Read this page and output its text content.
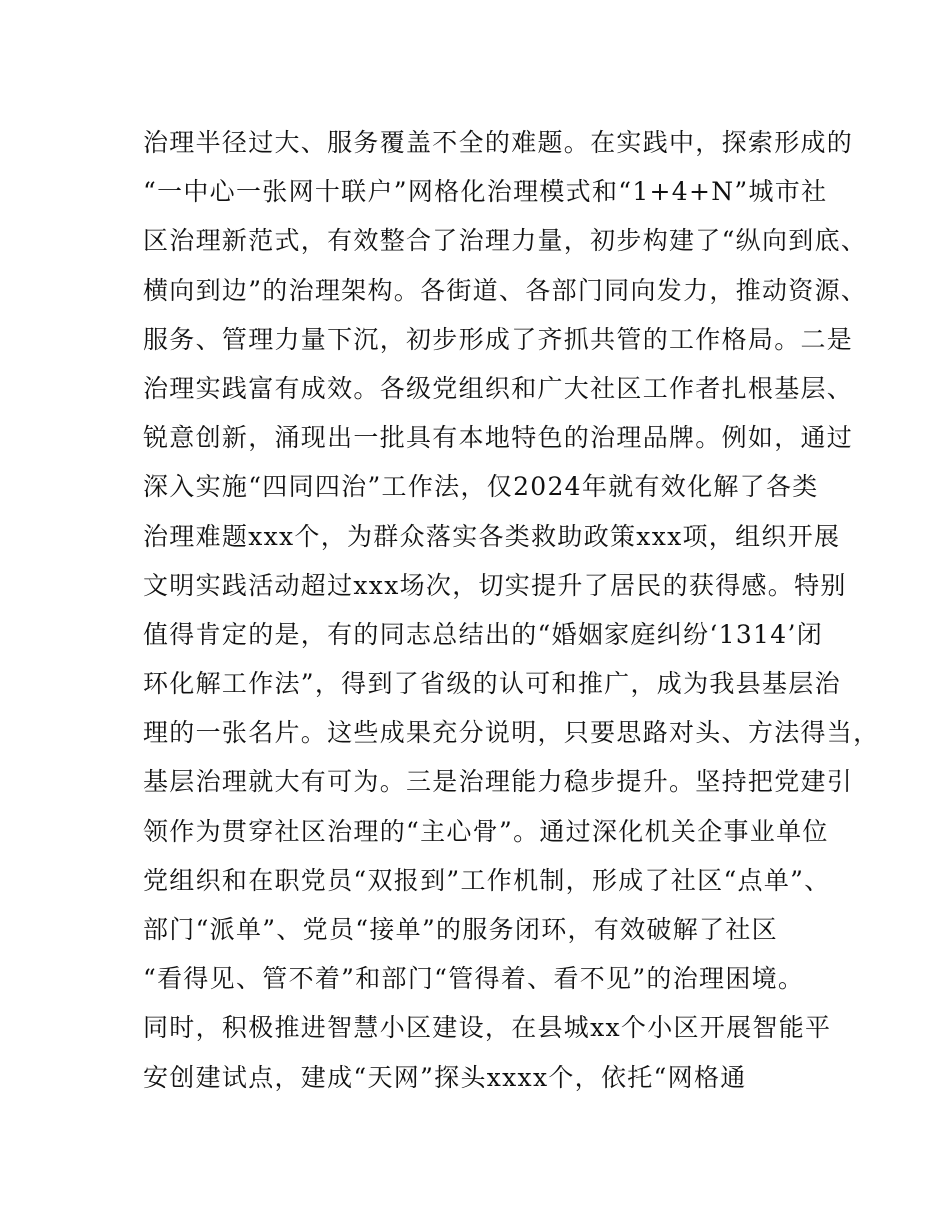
治理半径过大、服务覆盖不全的难题。在实践中，探索形成的
“一中心一张网十联户”网格化治理模式和“1+4+N”城市社
区治理新范式，有效整合了治理力量，初步构建了“纵向到底、
横向到边”的治理架构。各街道、各部门同向发力，推动资源、
服务、管理力量下沉，初步形成了齐抓共管的工作格局。二是
治理实践富有成效。各级党组织和广大社区工作者扎根基层、
锐意创新，涌现出一批具有本地特色的治理品牌。例如，通过
深入实施“四同四治”工作法，仅2024年就有效化解了各类
治理难题xxx个，为群众落实各类救助政策xxx项，组织开展
文明实践活动超过xxx场次，切实提升了居民的获得感。特别
值得肯定的是，有的同志总结出的“婚姻家庭纠纷‘1314’闭
环化解工作法”，得到了省级的认可和推广，成为我县基层治
理的一张名片。这些成果充分说明，只要思路对头、方法得当，
基层治理就大有可为。三是治理能力稳步提升。坚持把党建引
领作为贯穿社区治理的“主心骨”。通过深化机关企事业单位
党组织和在职党员“双报到”工作机制，形成了社区“点单”、
部门“派单”、党员“接单”的服务闭环，有效破解了社区
“看得见、管不着”和部门“管得着、看不见”的治理困境。
同时，积极推进智慧小区建设，在县城xx个小区开展智能平
安创建试点，建成“天网”探头xxxx个，依托“网格通
